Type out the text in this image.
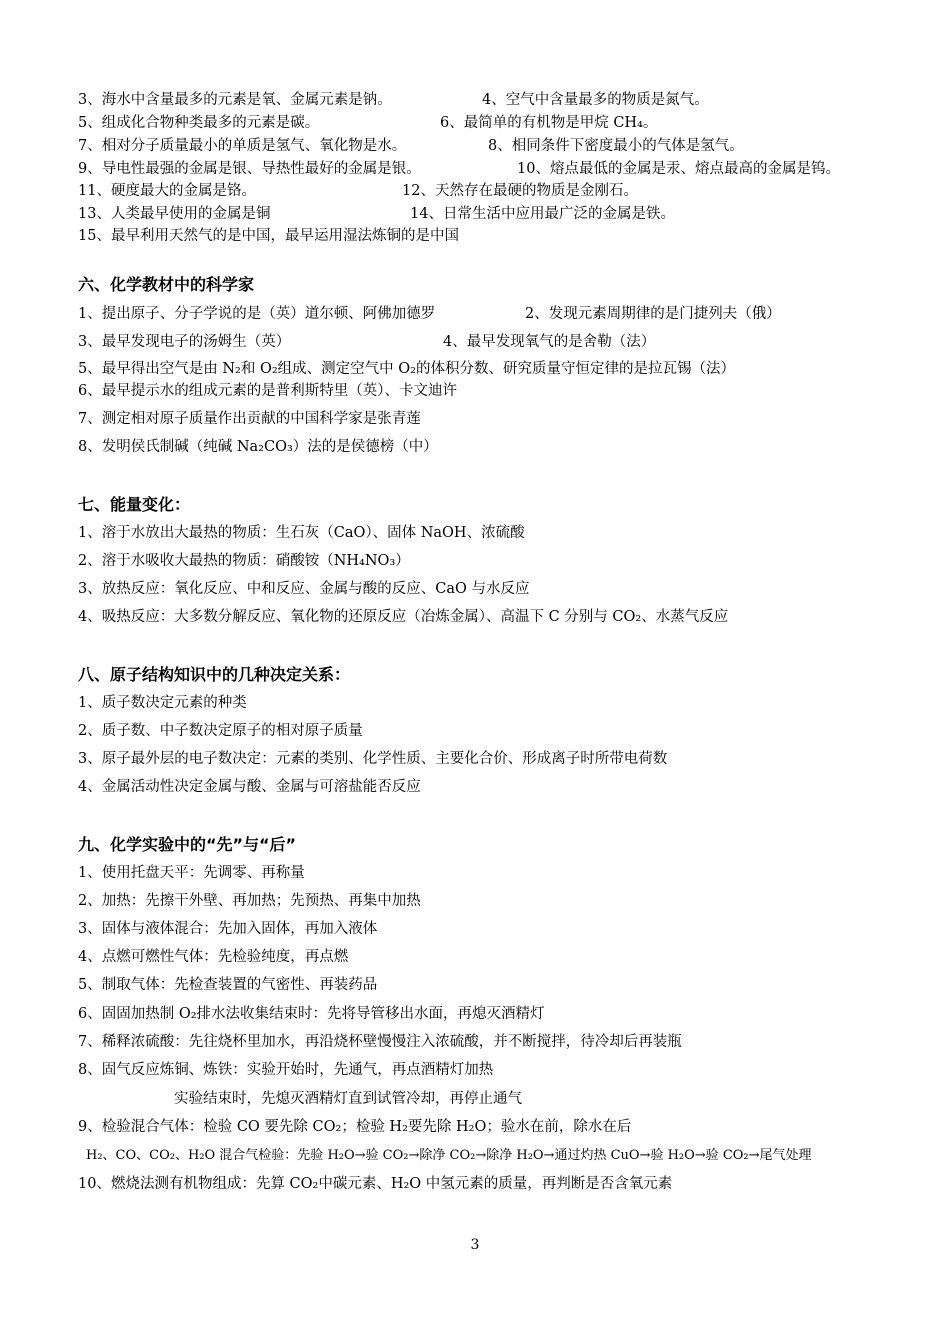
3、海水中含量最多的元素是氧、金属元素是钠。	4、空气中含量最多的物质是氮气。
5、组成化合物种类最多的元素是碳。	6、最简单的有机物是甲烷 CH₄。
7、相对分子质量最小的单质是氢气、氧化物是水。	8、相同条件下密度最小的气体是氢气。
9、导电性最强的金属是银、导热性最好的金属是银。	10、熔点最低的金属是汞、熔点最高的金属是钨。
11、硬度最大的金属是铬。	12、天然存在最硬的物质是金刚石。
13、人类最早使用的金属是铜	14、日常生活中应用最广泛的金属是铁。
15、最早利用天然气的是中国，最早运用湿法炼铜的是中国
六、化学教材中的科学家
1、提出原子、分子学说的是（英）道尔顿、阿佛加德罗	2、发现元素周期律的是门捷列夫（俄）
3、最早发现电子的汤姆生（英）	4、最早发现氧气的是舍勒（法）
5、最早得出空气是由 N₂和 O₂组成、测定空气中 O₂的体积分数、研究质量守恒定律的是拉瓦锡（法）
6、最早提示水的组成元素的是普利斯特里（英）、卡文迪许
7、测定相对原子质量作出贡献的中国科学家是张青莲
8、发明侯氏制碱（纯碱 Na₂CO₃）法的是侯德榜（中）
七、能量变化：
1、溶于水放出大最热的物质：生石灰（CaO）、固体 NaOH、浓硫酸
2、溶于水吸收大最热的物质：硝酸铵（NH₄NO₃）
3、放热反应：氧化反应、中和反应、金属与酸的反应、CaO 与水反应
4、吸热反应：大多数分解反应、氧化物的还原反应（冶炼金属）、高温下 C 分别与 CO₂、水蒸气反应
八、原子结构知识中的几种决定关系：
1、质子数决定元素的种类
2、质子数、中子数决定原子的相对原子质量
3、原子最外层的电子数决定：元素的类别、化学性质、主要化合价、形成离子时所带电荷数
4、金属活动性决定金属与酸、金属与可溶盐能否反应
九、化学实验中的“先”与“后”
1、使用托盘天平：先调零、再称量
2、加热：先擦干外壁、再加热；先预热、再集中加热
3、固体与液体混合：先加入固体，再加入液体
4、点燃可燃性气体：先检验纯度，再点燃
5、制取气体：先检查装置的气密性、再装药品
6、固固加热制 O₂排水法收集结束时：先将导管移出水面，再熄灭酒精灯
7、稀释浓硫酸：先往烧杯里加水，再沿烧杯壁慢慢注入浓硫酸，并不断搅拌，待冷却后再装瓶
8、固气反应炼铜、炼铁：实验开始时，先通气，再点酒精灯加热
实验结束时，先熄灭酒精灯直到试管冷却，再停止通气
9、检验混合气体：检验 CO 要先除 CO₂；检验 H₂要先除 H₂O；验水在前，除水在后
H₂、CO、CO₂、H₂O 混合气检验：先验 H₂O→验 CO₂→除净 CO₂→除净 H₂O→通过灼热 CuO→验 H₂O→验 CO₂→尾气处理
10、燃烧法测有机物组成：先算 CO₂中碳元素、H₂O 中氢元素的质量，再判断是否含氧元素
3
